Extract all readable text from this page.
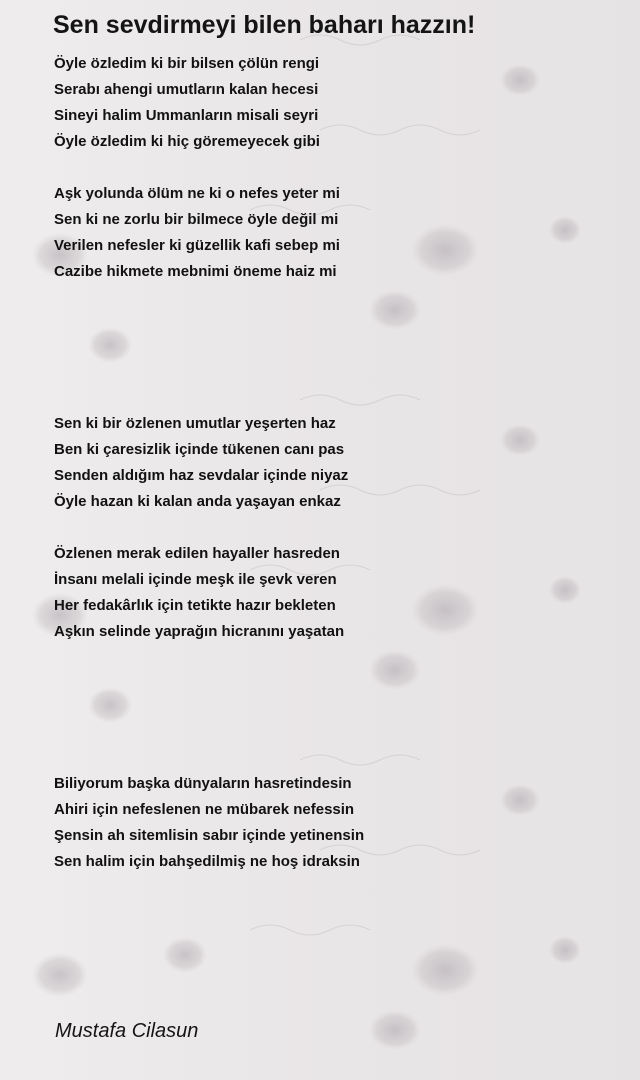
Sen sevdirmeyi bilen baharı hazzın!
Öyle özledim ki bir bilsen çölün rengi
Serabı ahengi umutların kalan hecesi
Sineyi halim Ummanların misali seyri
Öyle özledim ki hiç göremeyecek gibi
Aşk yolunda ölüm ne ki o nefes yeter mi
Sen ki ne zorlu bir bilmece öyle değil mi
Verilen nefesler ki güzellik kafi sebep mi
Cazibe hikmete mebnimi öneme haiz mi
Sen ki bir özlenen umutlar yeşerten haz
Ben ki çaresizlik içinde tükenen canı pas
Senden aldığım haz sevdalar içinde niyaz
Öyle hazan ki kalan anda yaşayan enkaz
Özlenen merak edilen hayaller hasreden
İnsanı melali içinde meşk ile şevk veren
Her fedakârlık için tetikte hazır bekleten
Aşkın selinde yaprağın hicranını yaşatan
Biliyorum başka dünyaların hasretindesin
Ahiri için nefeslenen ne mübarek nefessin
Şensin ah sitemlisin sabır içinde yetinensin
Sen halim için bahşedilmiş ne hoş idraksin

Mustafa Cilasun
